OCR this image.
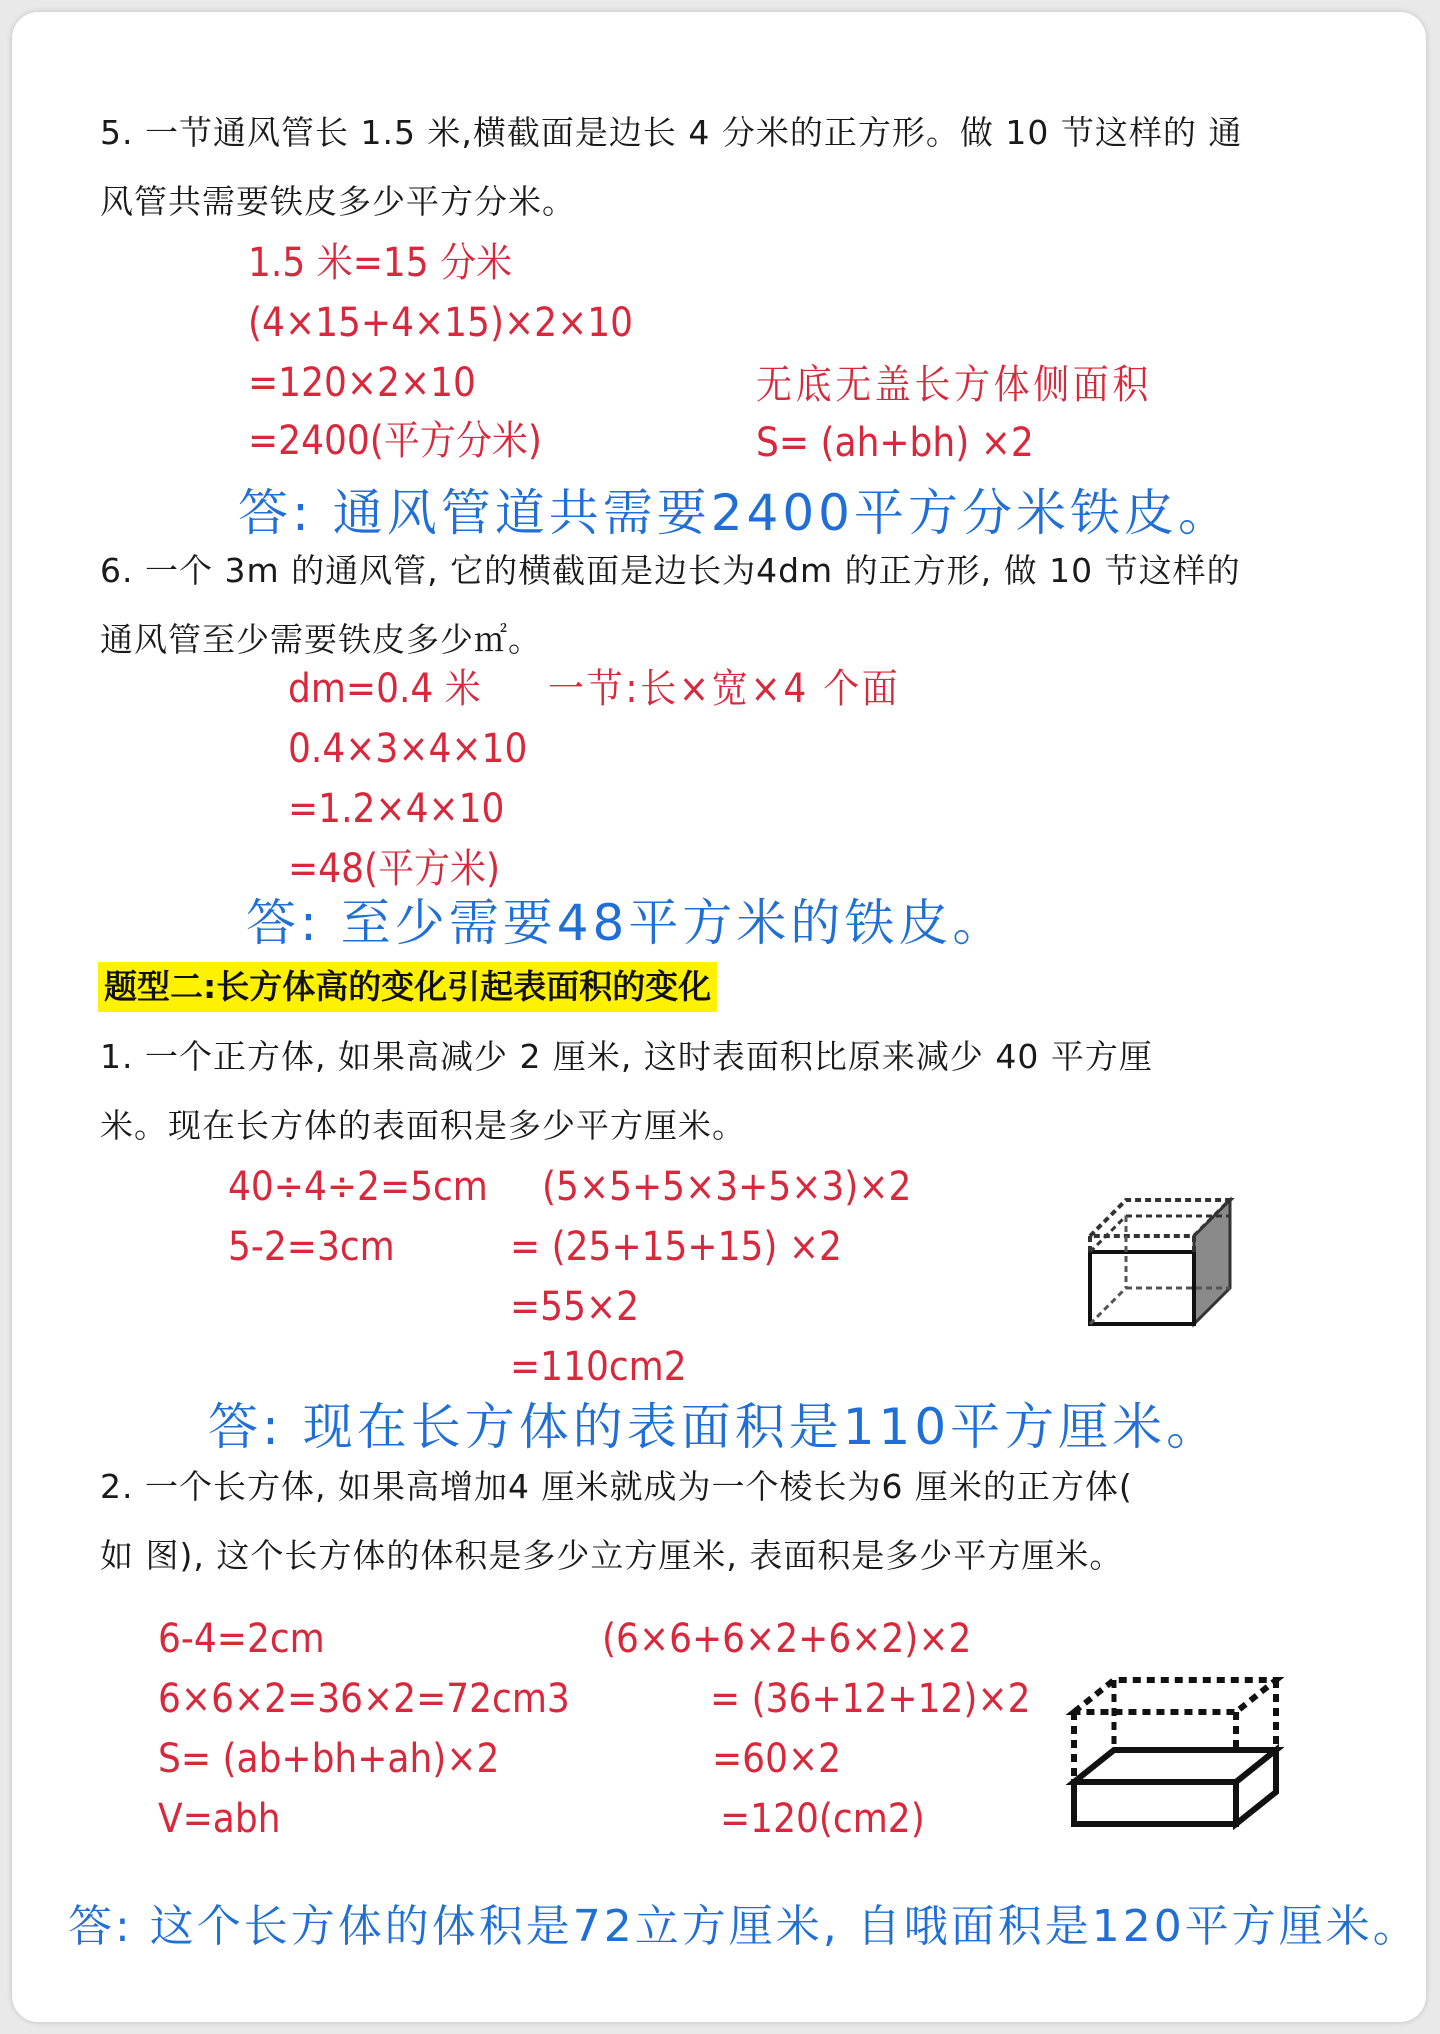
5. 一节通风管长 1.5 米,横截面是边长 4 分米的正方形。做 10 节这样的 通
风管共需要铁皮多少平方分米。
1.5 米=15 分米
(4×15+4×15)×2×10
=120×2×10
=2400(平方分米)
无底无盖长方体侧面积
S= (ah+bh) ×2
答: 通风管道共需要2400平方分米铁皮。
6. 一个 3m 的通风管, 它的横截面是边长为4dm 的正方形, 做 10 节这样的
通风管至少需要铁皮多少㎡。
dm=0.4 米 一节:长×宽×4 个面
0.4×3×4×10
=1.2×4×10
=48(平方米)
答: 至少需要48平方米的铁皮。
题型二:长方体高的变化引起表面积的变化
1. 一个正方体, 如果高减少 2 厘米, 这时表面积比原来减少 40 平方厘
米。现在长方体的表面积是多少平方厘米。
40÷4÷2=5cm
5-2=3cm
(5×5+5×3+5×3)×2
= (25+15+15) ×2
=55×2
=110cm2
答: 现在长方体的表面积是110平方厘米。
2. 一个长方体, 如果高增加4 厘米就成为一个棱长为6 厘米的正方体(
如 图), 这个长方体的体积是多少立方厘米, 表面积是多少平方厘米。
6-4=2cm
6×6×2=36×2=72cm3
S= (ab+bh+ah)×2
V=abh
(6×6+6×2+6×2)×2
= (36+12+12)×2
=60×2
=120(cm2)
答: 这个长方体的体积是72立方厘米, 自哦面积是120平方厘米。
